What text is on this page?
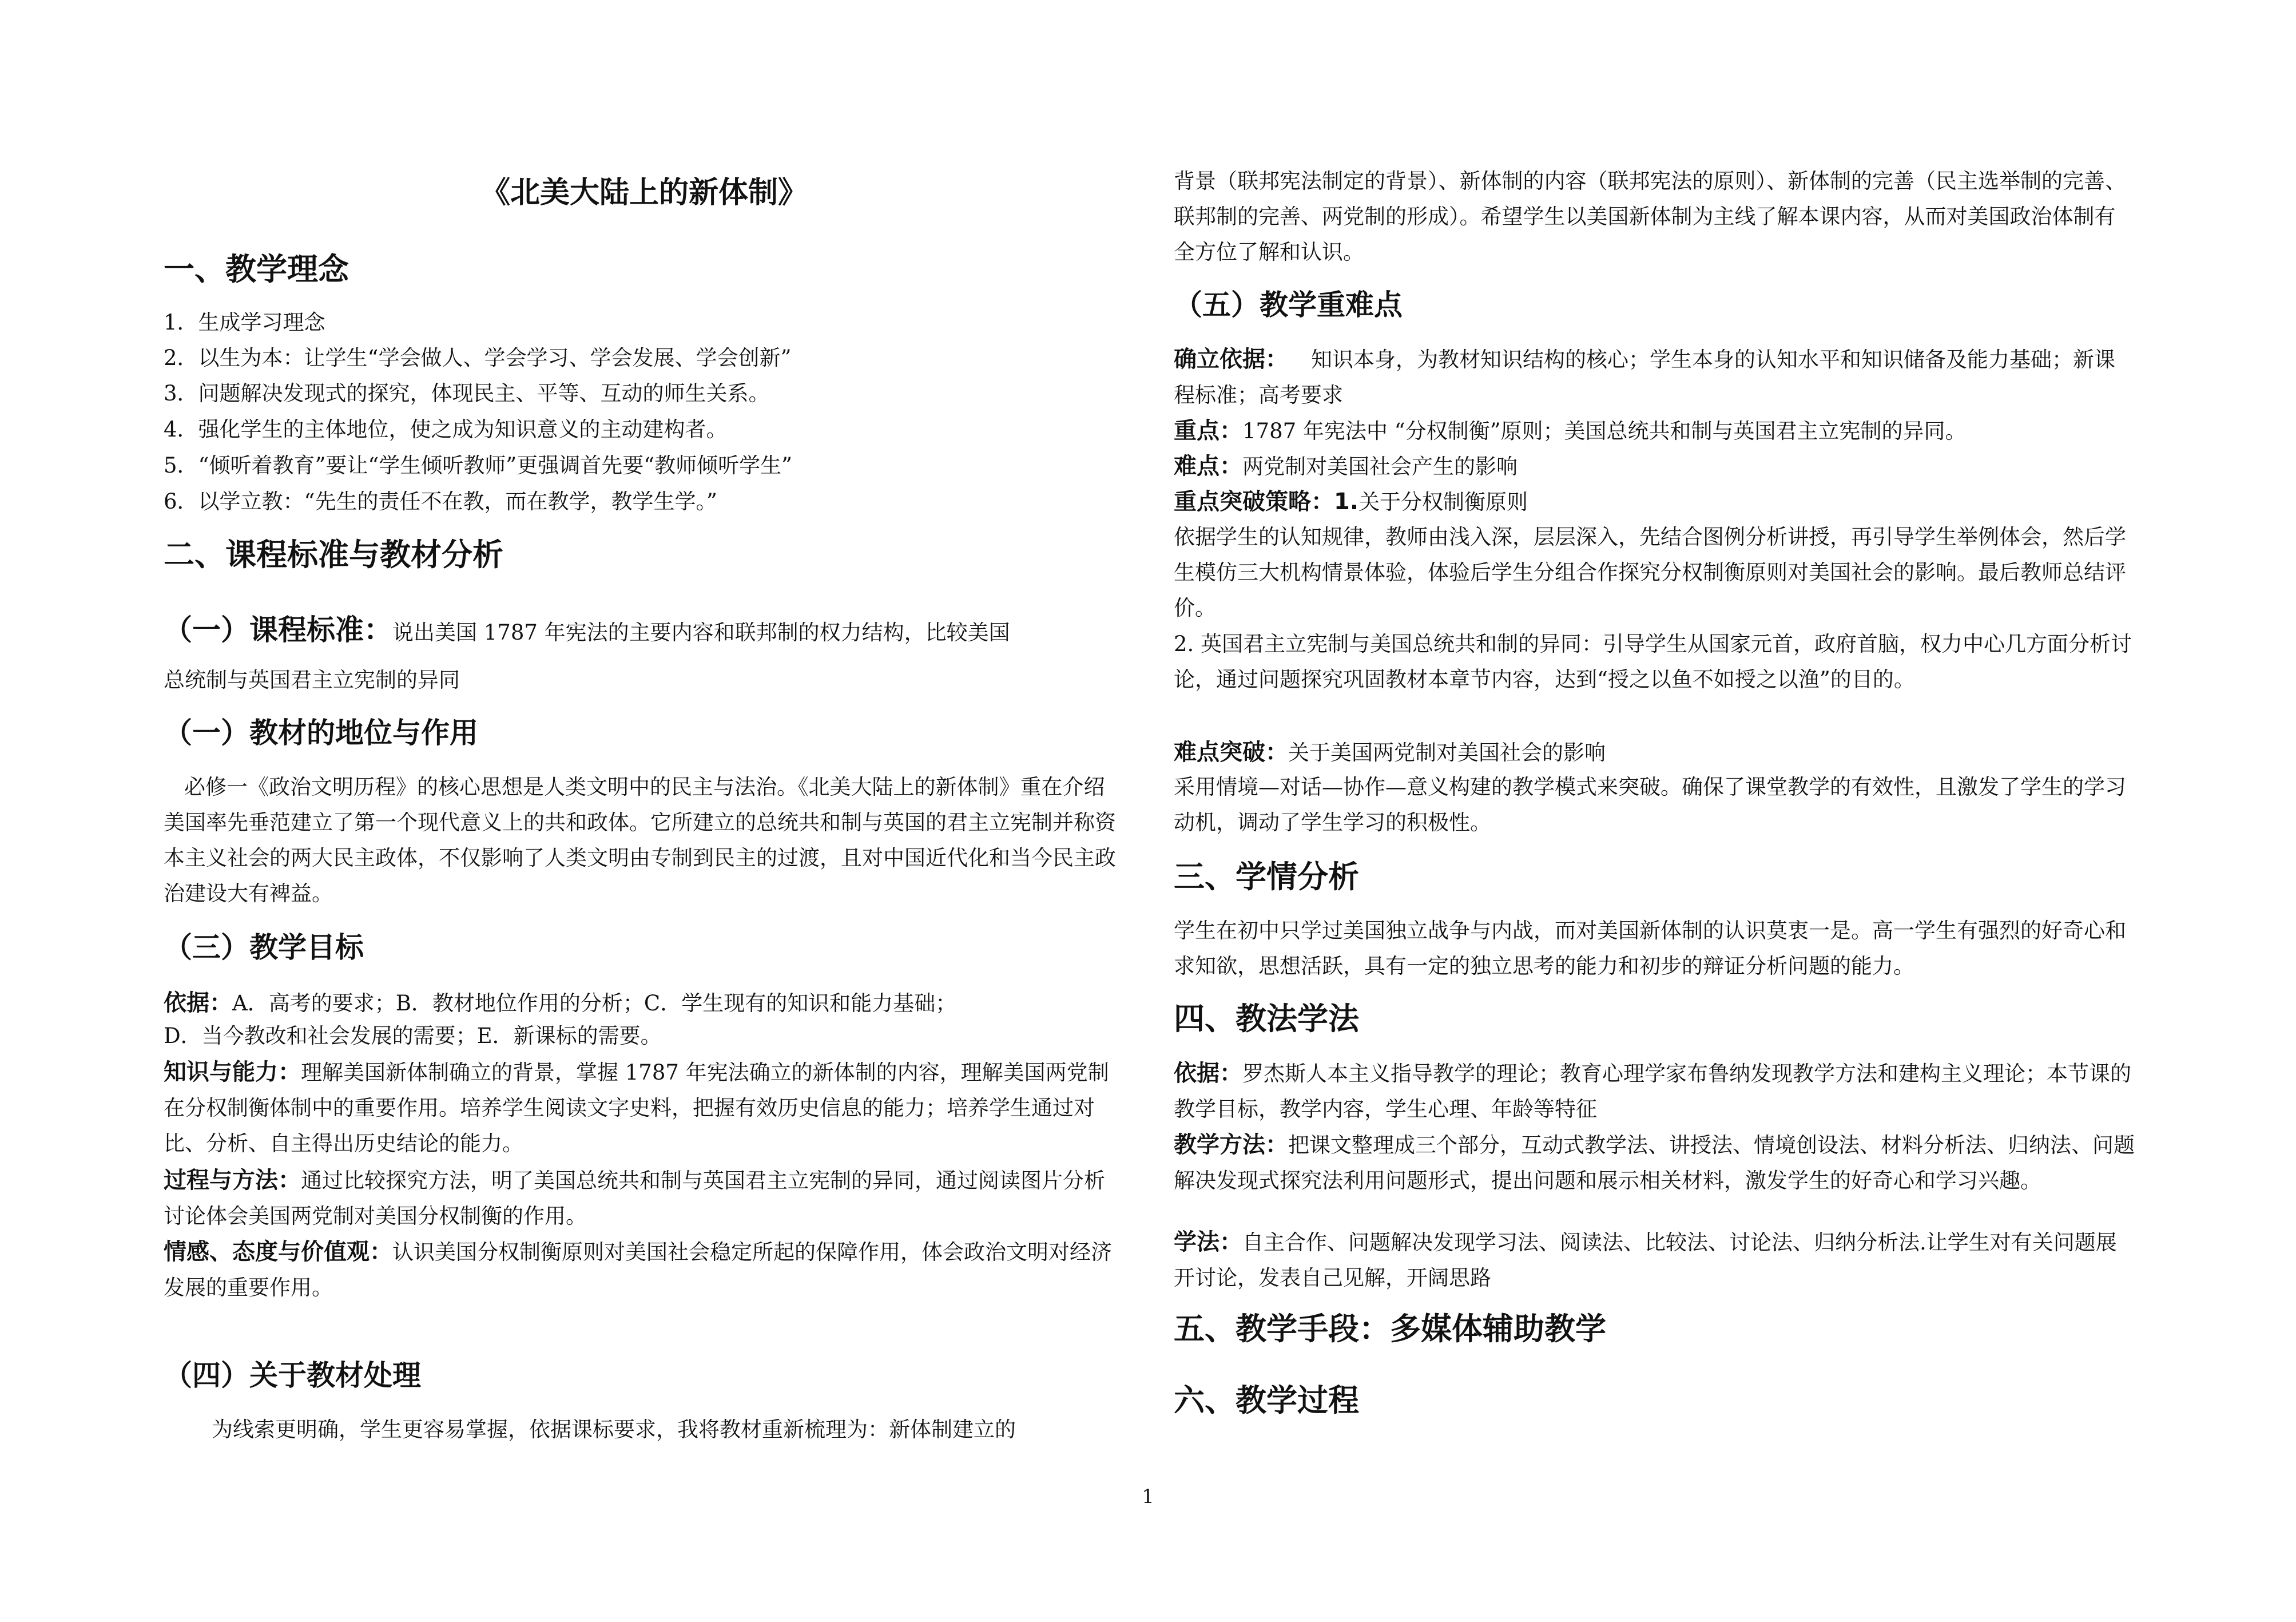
《北美大陆上的新体制》
一、教学理念
1．生成学习理念
2．以生为本：让学生“学会做人、学会学习、学会发展、学会创新”
3．问题解决发现式的探究，体现民主、平等、互动的师生关系。
4．强化学生的主体地位，使之成为知识意义的主动建构者。
5．“倾听着教育”要让“学生倾听教师”更强调首先要“教师倾听学生”
6．以学立教：“先生的责任不在教，而在教学，教学生学。”
二、课程标准与教材分析
（一）课程标准：说出美国 1787 年宪法的主要内容和联邦制的权力结构，比较美国
总统制与英国君主立宪制的异同
（一）教材的地位与作用
必修一《政治文明历程》的核心思想是人类文明中的民主与法治。《北美大陆上的新体制》重在介绍美国率先垂范建立了第一个现代意义上的共和政体。它所建立的总统共和制与英国的君主立宪制并称资本主义社会的两大民主政体，不仅影响了人类文明由专制到民主的过渡，且对中国近代化和当今民主政治建设大有裨益。
（三）教学目标
依据：A．高考的要求；B．教材地位作用的分析；C．学生现有的知识和能力基础；
D．当今教改和社会发展的需要；E．新课标的需要。
知识与能力：理解美国新体制确立的背景，掌握 1787 年宪法确立的新体制的内容，理解美国两党制在分权制衡体制中的重要作用。培养学生阅读文字史料，把握有效历史信息的能力；培养学生通过对比、分析、自主得出历史结论的能力。
过程与方法：通过比较探究方法，明了美国总统共和制与英国君主立宪制的异同，通过阅读图片分析讨论体会美国两党制对美国分权制衡的作用。
情感、态度与价值观：认识美国分权制衡原则对美国社会稳定所起的保障作用，体会政治文明对经济发展的重要作用。
（四）关于教材处理
为线索更明确，学生更容易掌握，依据课标要求，我将教材重新梳理为：新体制建立的
背景（联邦宪法制定的背景）、新体制的内容（联邦宪法的原则）、新体制的完善（民主选举制的完善、联邦制的完善、两党制的形成）。希望学生以美国新体制为主线了解本课内容，从而对美国政治体制有全方位了解和认识。
（五）教学重难点
确立依据： 知识本身，为教材知识结构的核心；学生本身的认知水平和知识储备及能力基础；新课程标准；高考要求
重点：1787 年宪法中 “分权制衡”原则；美国总统共和制与英国君主立宪制的异同。
难点：两党制对美国社会产生的影响
重点突破策略：1.关于分权制衡原则
依据学生的认知规律，教师由浅入深，层层深入，先结合图例分析讲授，再引导学生举例体会，然后学生模仿三大机构情景体验，体验后学生分组合作探究分权制衡原则对美国社会的影响。最后教师总结评价。
2. 英国君主立宪制与美国总统共和制的异同：引导学生从国家元首，政府首脑，权力中心几方面分析讨论，通过问题探究巩固教材本章节内容，达到“授之以鱼不如授之以渔”的目的。
难点突破：关于美国两党制对美国社会的影响
采用情境—对话—协作—意义构建的教学模式来突破。确保了课堂教学的有效性，且激发了学生的学习动机，调动了学生学习的积极性。
三、学情分析
学生在初中只学过美国独立战争与内战，而对美国新体制的认识莫衷一是。高一学生有强烈的好奇心和求知欲，思想活跃，具有一定的独立思考的能力和初步的辩证分析问题的能力。
四、教法学法
依据：罗杰斯人本主义指导教学的理论；教育心理学家布鲁纳发现教学方法和建构主义理论；本节课的教学目标，教学内容，学生心理、年龄等特征
教学方法：把课文整理成三个部分，互动式教学法、讲授法、情境创设法、材料分析法、归纳法、问题解决发现式探究法利用问题形式，提出问题和展示相关材料，激发学生的好奇心和学习兴趣。
学法：自主合作、问题解决发现学习法、阅读法、比较法、讨论法、归纳分析法.让学生对有关问题展开讨论，发表自己见解，开阔思路
五、教学手段：多媒体辅助教学
六、教学过程
1
